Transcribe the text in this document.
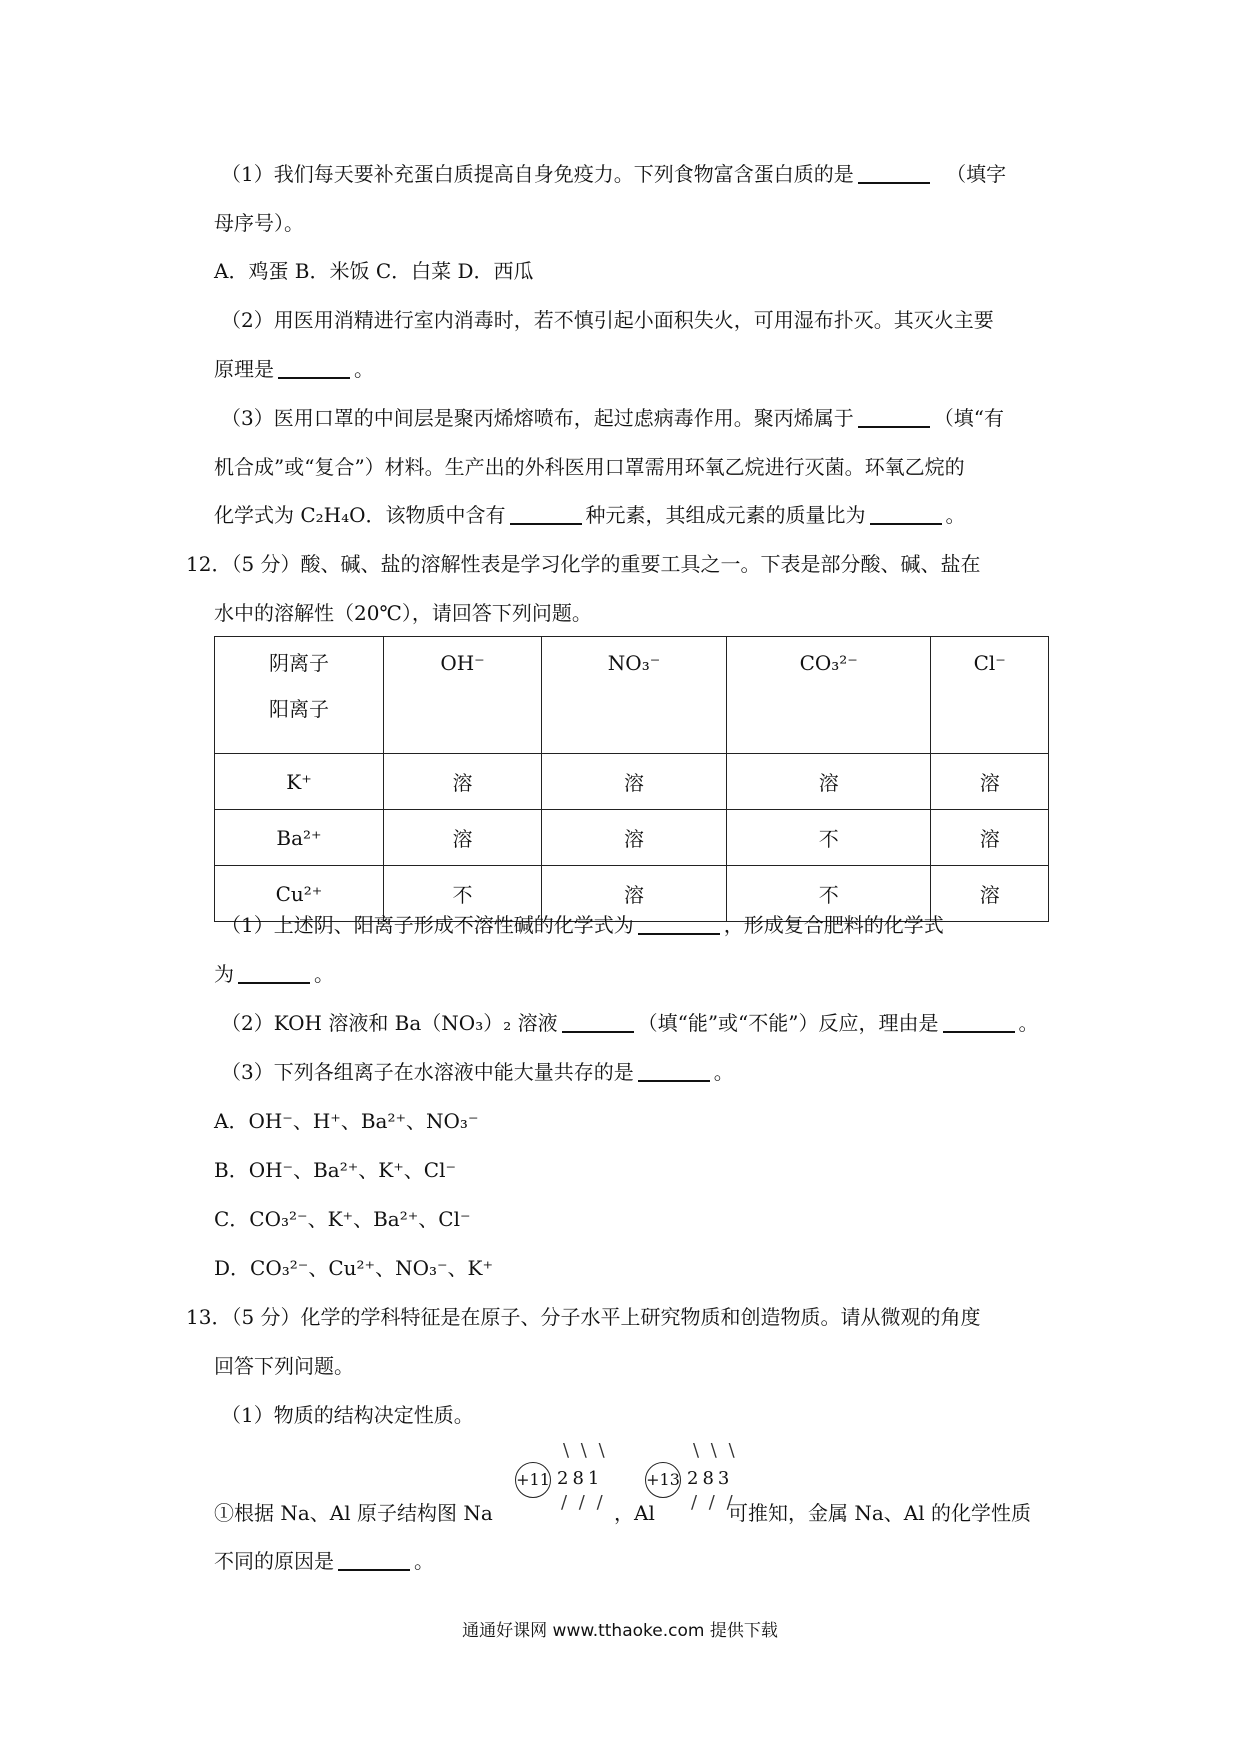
（1）我们每天要补充蛋白质提高自身免疫力。下列食物富含蛋白质的是	（填字
母序号）。
A．鸡蛋 B．米饭 C．白菜 D．西瓜
（2）用医用消精进行室内消毒时，若不慎引起小面积失火，可用湿布扑灭。其灭火主要
原理是	。
（3）医用口罩的中间层是聚丙烯熔喷布，起过虑病毒作用。聚丙烯属于	（填“有
机合成”或“复合”）材料。生产出的外科医用口罩需用环氧乙烷进行灭菌。环氧乙烷的
化学式为 C₂H₄O．该物质中含有	种元素，其组成元素的质量比为	。
12．（5 分）酸、碱、盐的溶解性表是学习化学的重要工具之一。下表是部分酸、碱、盐在
水中的溶解性（20℃），请回答下列问题。
阴离子
阳离子	OH⁻	NO₃⁻	CO₃²⁻	Cl⁻
K⁺	溶	溶	溶	溶
Ba²⁺	溶	溶	不	溶
Cu²⁺	不	溶	不	溶
（1）上述阴、阳离子形成不溶性碱的化学式为	，形成复合肥料的化学式
为	。
（2）KOH 溶液和 Ba（NO₃）₂ 溶液	（填“能”或“不能”）反应，理由是	。
（3）下列各组离子在水溶液中能大量共存的是	。
A．OH⁻、H⁺、Ba²⁺、NO₃⁻
B．OH⁻、Ba²⁺、K⁺、Cl⁻
C．CO₃²⁻、K⁺、Ba²⁺、Cl⁻
D．CO₃²⁻、Cu²⁺、NO₃⁻、K⁺
13．（5 分）化学的学科特征是在原子、分子水平上研究物质和创造物质。请从微观的角度
回答下列问题。
（1）物质的结构决定性质。
\ \ \
+11 281
/ / /
\ \ \
+13 283
/ / /
①根据 Na、Al 原子结构图 Na	，Al	可推知，金属 Na、Al 的化学性质
不同的原因是	。
通通好课网 www.tthaoke.com 提供下载
